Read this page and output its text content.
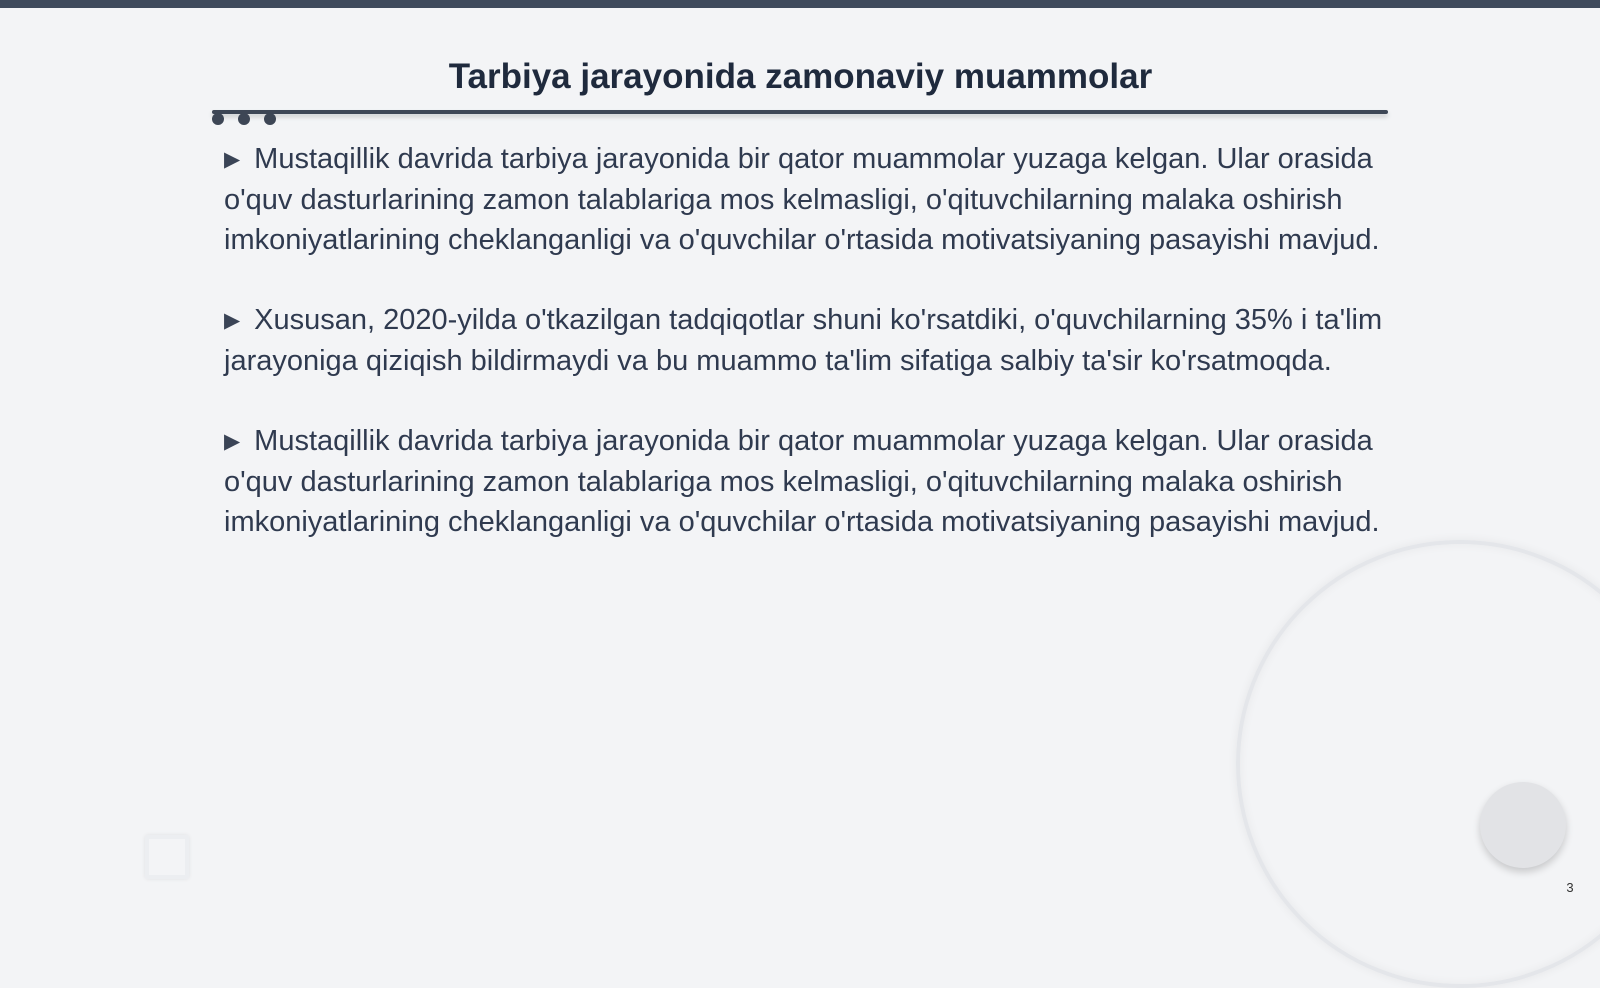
Tarbiya jarayonida zamonaviy muammolar

▶ Mustaqillik davrida tarbiya jarayonida bir qator muammolar yuzaga kelgan. Ular orasida o'quv dasturlarining zamon talablariga mos kelmasligi, o'qituvchilarning malaka oshirish imkoniyatlarining cheklanganligi va o'quvchilar o'rtasida motivatsiyaning pasayishi mavjud.

▶ Xususan, 2020-yilda o'tkazilgan tadqiqotlar shuni ko'rsatdiki, o'quvchilarning 35% i ta'lim jarayoniga qiziqish bildirmaydi va bu muammo ta'lim sifatiga salbiy ta'sir ko'rsatmoqda.

▶ Mustaqillik davrida tarbiya jarayonida bir qator muammolar yuzaga kelgan. Ular orasida o'quv dasturlarining zamon talablariga mos kelmasligi, o'qituvchilarning malaka oshirish imkoniyatlarining cheklanganligi va o'quvchilar o'rtasida motivatsiyaning pasayishi mavjud.

3
